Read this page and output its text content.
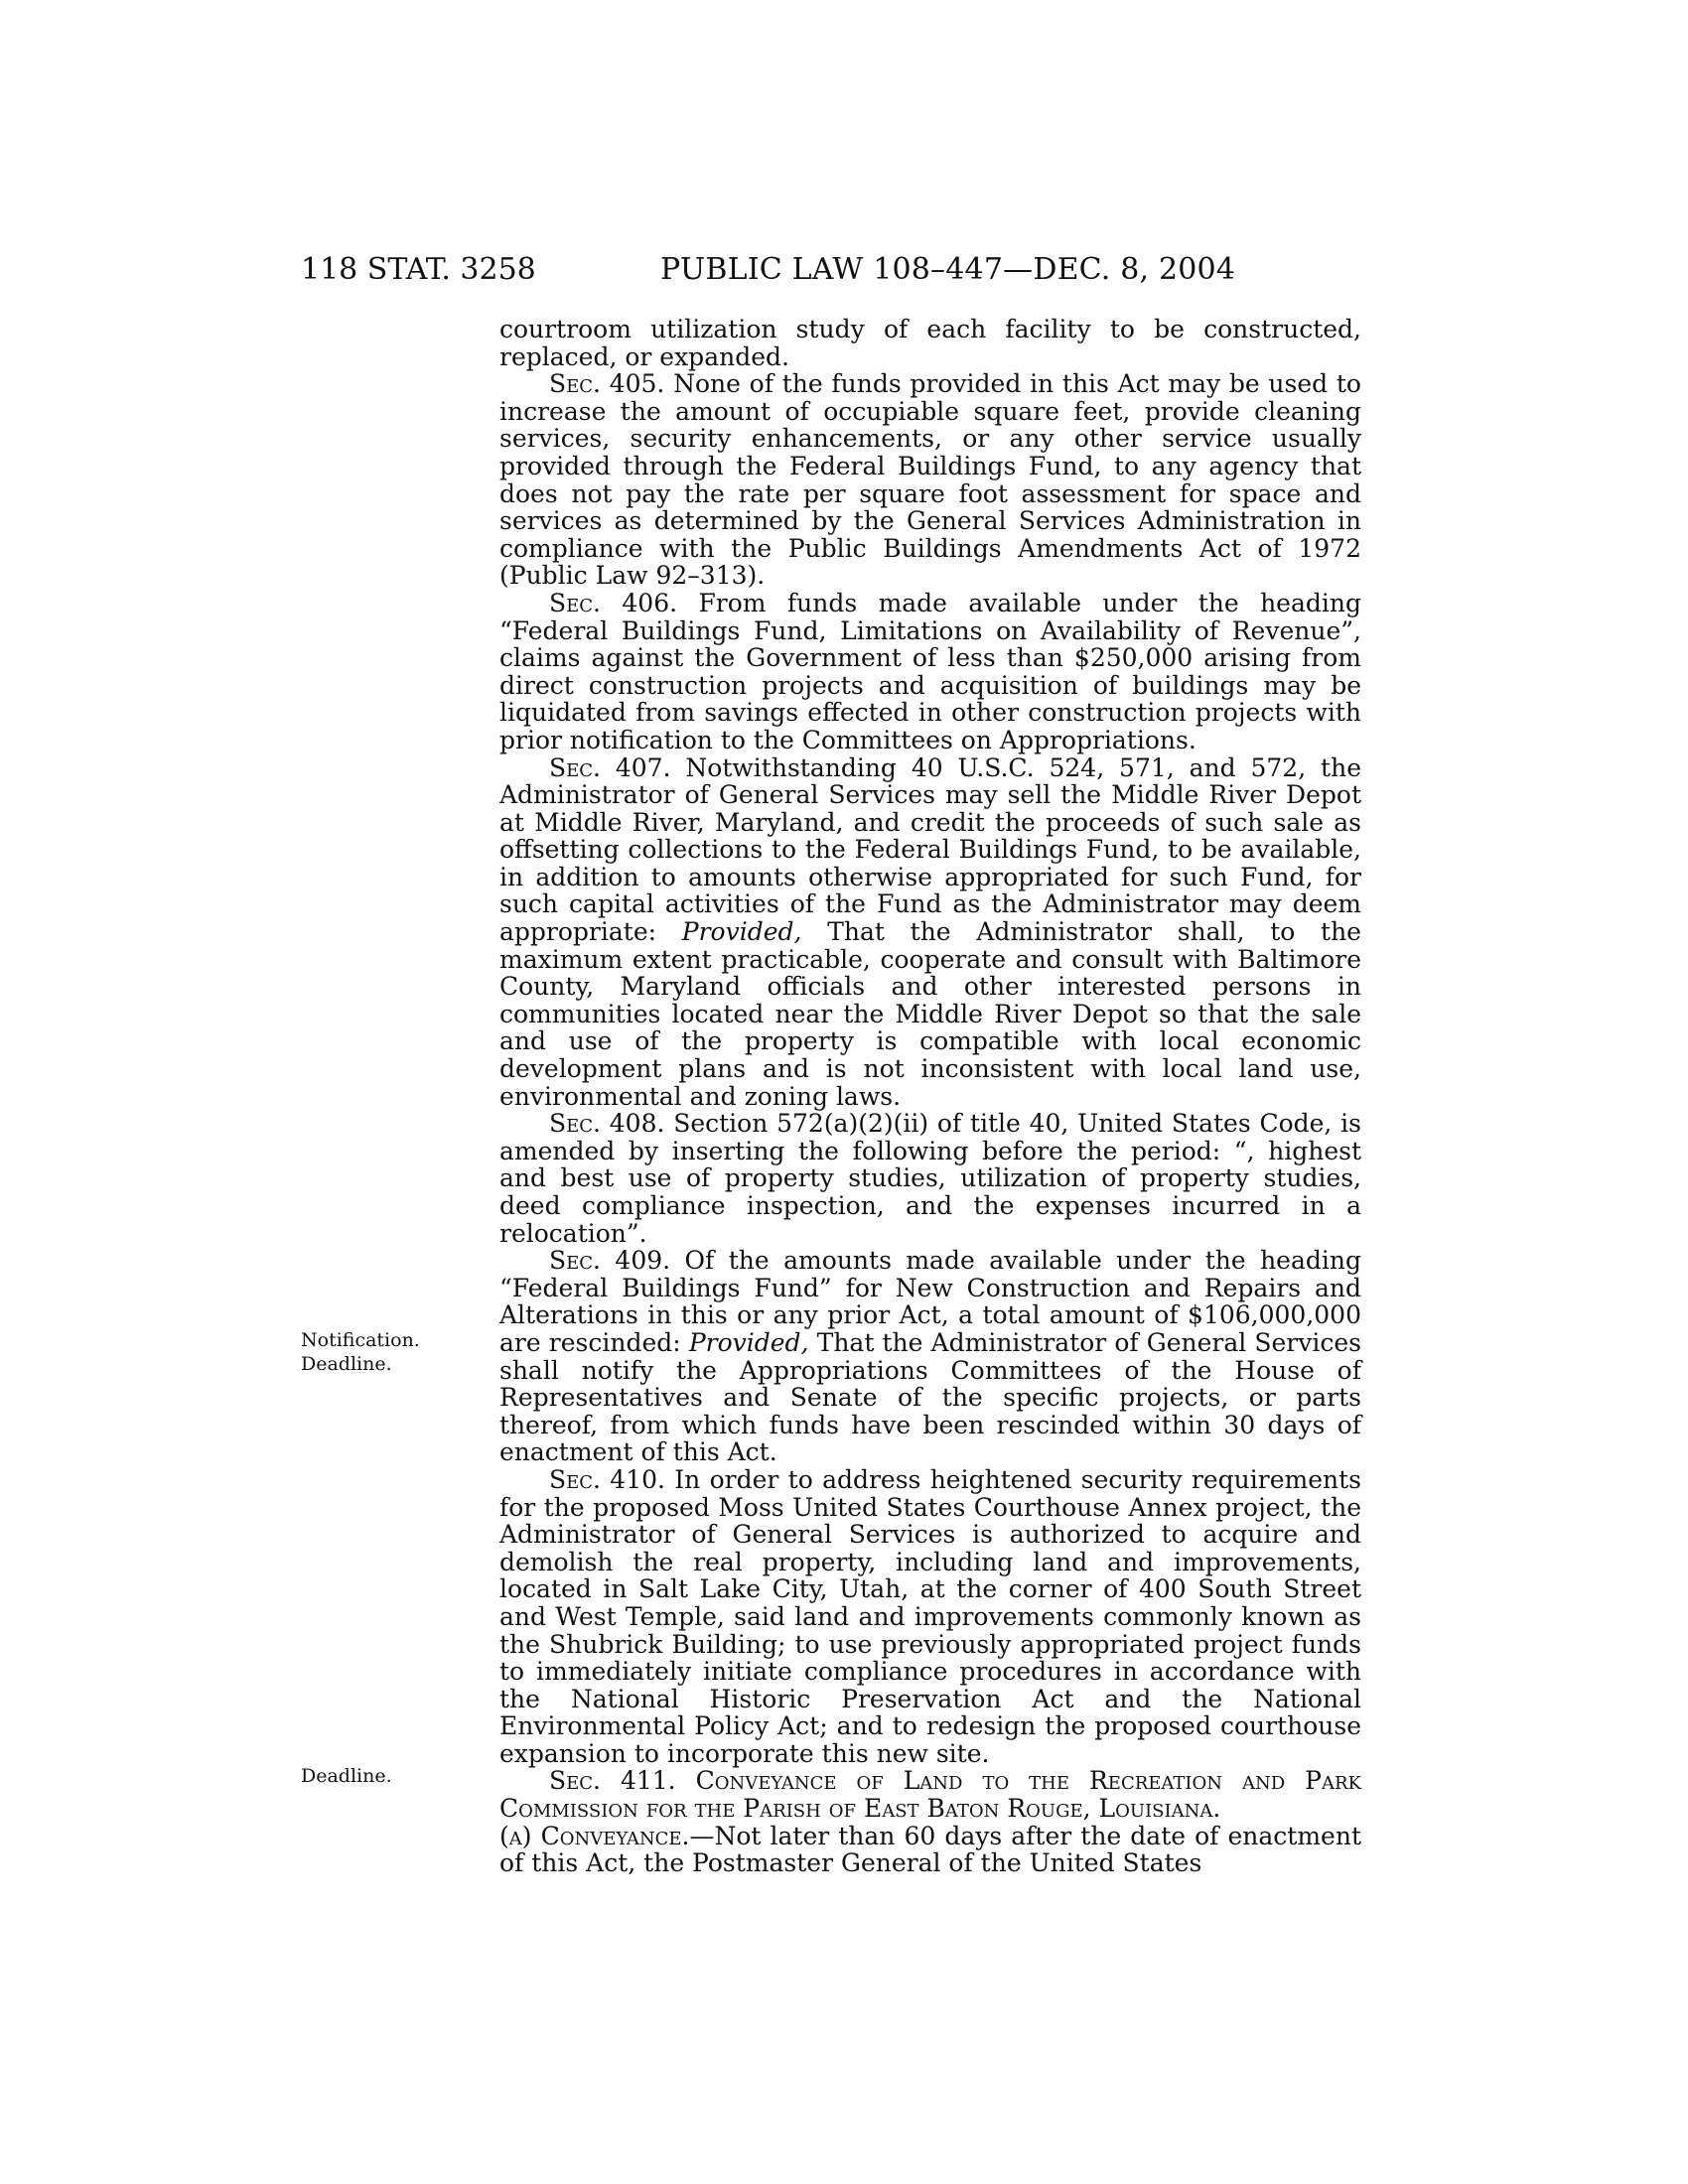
118 STAT. 3258	PUBLIC LAW 108–447—DEC. 8, 2004
Notification.
Deadline.
Deadline.

courtroom utilization study of each facility to be constructed, replaced, or expanded.

Sec. 405. None of the funds provided in this Act may be used to increase the amount of occupiable square feet, provide cleaning services, security enhancements, or any other service usually provided through the Federal Buildings Fund, to any agency that does not pay the rate per square foot assessment for space and services as determined by the General Services Administration in compliance with the Public Buildings Amendments Act of 1972 (Public Law 92–313).

Sec. 406. From funds made available under the heading “Federal Buildings Fund, Limitations on Availability of Revenue”, claims against the Government of less than $250,000 arising from direct construction projects and acquisition of buildings may be liquidated from savings effected in other construction projects with prior notification to the Committees on Appropriations.

Sec. 407. Notwithstanding 40 U.S.C. 524, 571, and 572, the Administrator of General Services may sell the Middle River Depot at Middle River, Maryland, and credit the proceeds of such sale as offsetting collections to the Federal Buildings Fund, to be available, in addition to amounts otherwise appropriated for such Fund, for such capital activities of the Fund as the Administrator may deem appropriate: Provided, That the Administrator shall, to the maximum extent practicable, cooperate and consult with Baltimore County, Maryland officials and other interested persons in communities located near the Middle River Depot so that the sale and use of the property is compatible with local economic development plans and is not inconsistent with local land use, environmental and zoning laws.

Sec. 408. Section 572(a)(2)(ii) of title 40, United States Code, is amended by inserting the following before the period: “, highest and best use of property studies, utilization of property studies, deed compliance inspection, and the expenses incurred in a relocation”.

Sec. 409. Of the amounts made available under the heading “Federal Buildings Fund” for New Construction and Repairs and Alterations in this or any prior Act, a total amount of $106,000,000 are rescinded: Provided, That the Administrator of General Services shall notify the Appropriations Committees of the House of Representatives and Senate of the specific projects, or parts thereof, from which funds have been rescinded within 30 days of enactment of this Act.

Sec. 410. In order to address heightened security requirements for the proposed Moss United States Courthouse Annex project, the Administrator of General Services is authorized to acquire and demolish the real property, including land and improvements, located in Salt Lake City, Utah, at the corner of 400 South Street and West Temple, said land and improvements commonly known as the Shubrick Building; to use previously appropriated project funds to immediately initiate compliance procedures in accordance with the National Historic Preservation Act and the National Environmental Policy Act; and to redesign the proposed courthouse expansion to incorporate this new site.

Sec. 411. Conveyance of Land to the Recreation and Park Commission for the Parish of East Baton Rouge, Louisiana.

(a) Conveyance.—Not later than 60 days after the date of enactment of this Act, the Postmaster General of the United States
